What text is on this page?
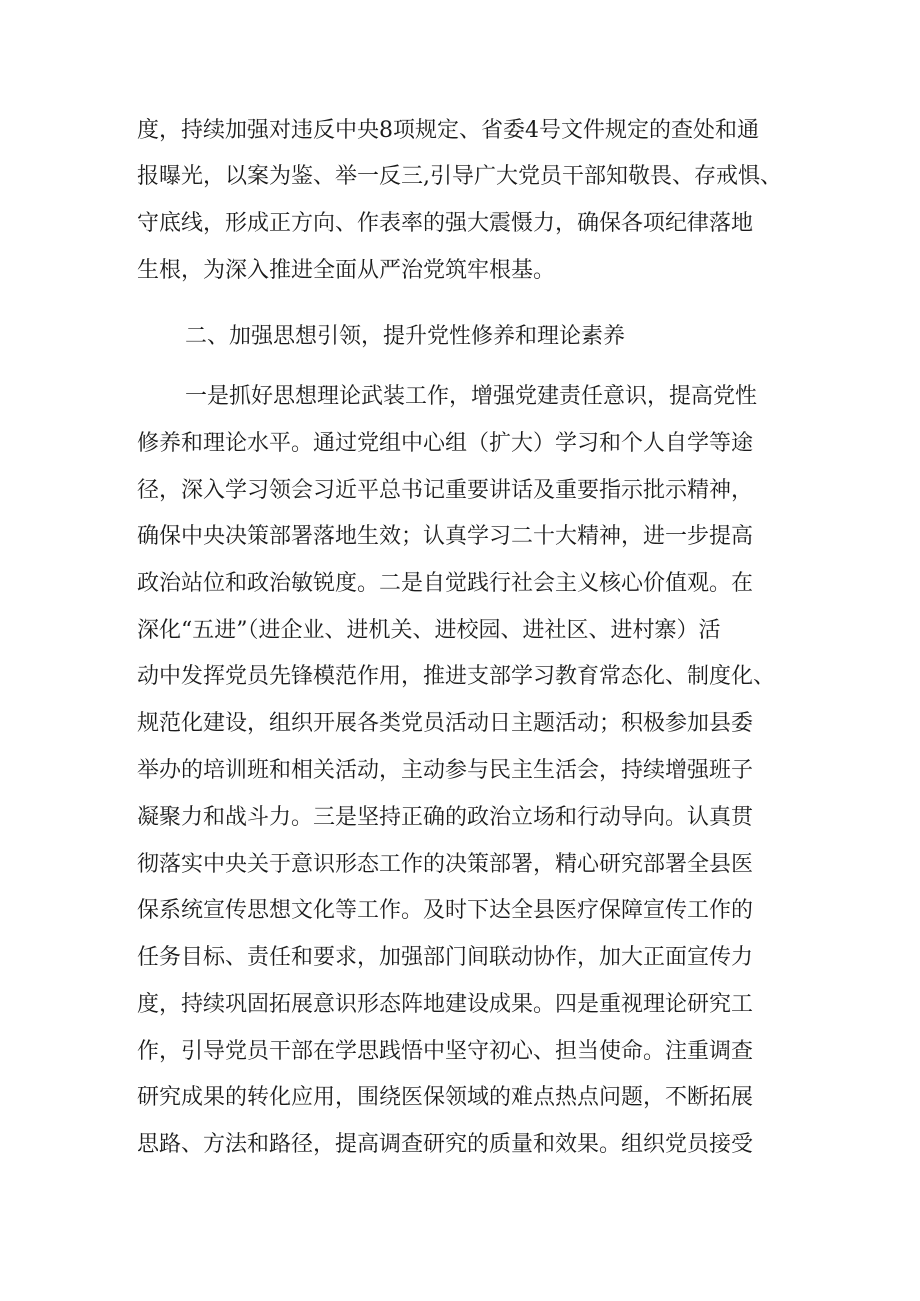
度，持续加强对违反中央8项规定、省委4号文件规定的查处和通
报曝光，以案为鉴、举一反三,引导广大党员干部知敬畏、存戒惧、
守底线，形成正方向、作表率的强大震慑力，确保各项纪律落地
生根，为深入推进全面从严治党筑牢根基。
二、加强思想引领，提升党性修养和理论素养
一是抓好思想理论武装工作，增强党建责任意识，提高党性
修养和理论水平。通过党组中心组（扩大）学习和个人自学等途
径，深入学习领会习近平总书记重要讲话及重要指示批示精神，
确保中央决策部署落地生效；认真学习二十大精神，进一步提高
政治站位和政治敏锐度。二是自觉践行社会主义核心价值观。在
深化“五进”（进企业、进机关、进校园、进社区、进村寨）活
动中发挥党员先锋模范作用，推进支部学习教育常态化、制度化、
规范化建设，组织开展各类党员活动日主题活动；积极参加县委
举办的培训班和相关活动，主动参与民主生活会，持续增强班子
凝聚力和战斗力。三是坚持正确的政治立场和行动导向。认真贯
彻落实中央关于意识形态工作的决策部署，精心研究部署全县医
保系统宣传思想文化等工作。及时下达全县医疗保障宣传工作的
任务目标、责任和要求，加强部门间联动协作，加大正面宣传力
度，持续巩固拓展意识形态阵地建设成果。四是重视理论研究工
作，引导党员干部在学思践悟中坚守初心、担当使命。注重调查
研究成果的转化应用，围绕医保领域的难点热点问题，不断拓展
思路、方法和路径，提高调查研究的质量和效果。组织党员接受
